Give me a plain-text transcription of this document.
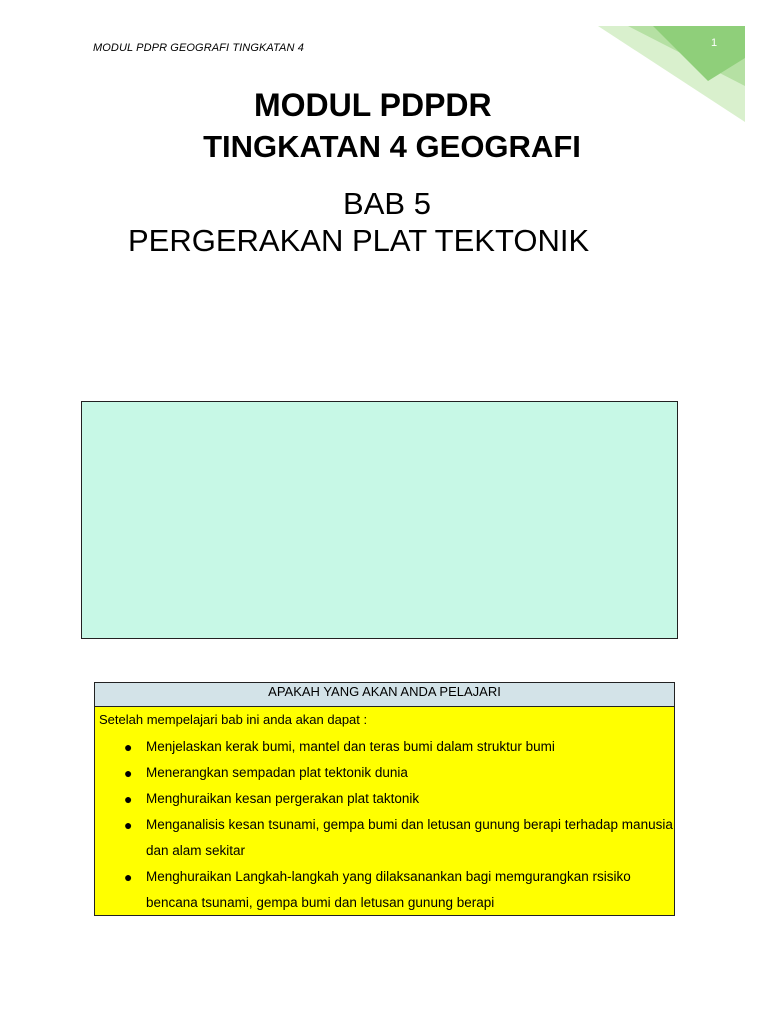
MODUL PDPR GEOGRAFI TINGKATAN 4	1
MODUL PDPDR
TINGKATAN 4 GEOGRAFI
BAB 5
PERGERAKAN PLAT TEKTONIK
APAKAH YANG AKAN ANDA PELAJARI
Setelah mempelajari bab ini anda akan dapat :
● Menjelaskan kerak bumi, mantel dan teras bumi dalam struktur bumi
● Menerangkan sempadan plat tektonik dunia
● Menghuraikan kesan pergerakan plat taktonik
● Menganalisis kesan tsunami, gempa bumi dan letusan gunung berapi terhadap manusia dan alam sekitar
● Menghuraikan Langkah-langkah yang dilaksanankan bagi memgurangkan rsisiko bencana tsunami, gempa bumi dan letusan gunung berapi
